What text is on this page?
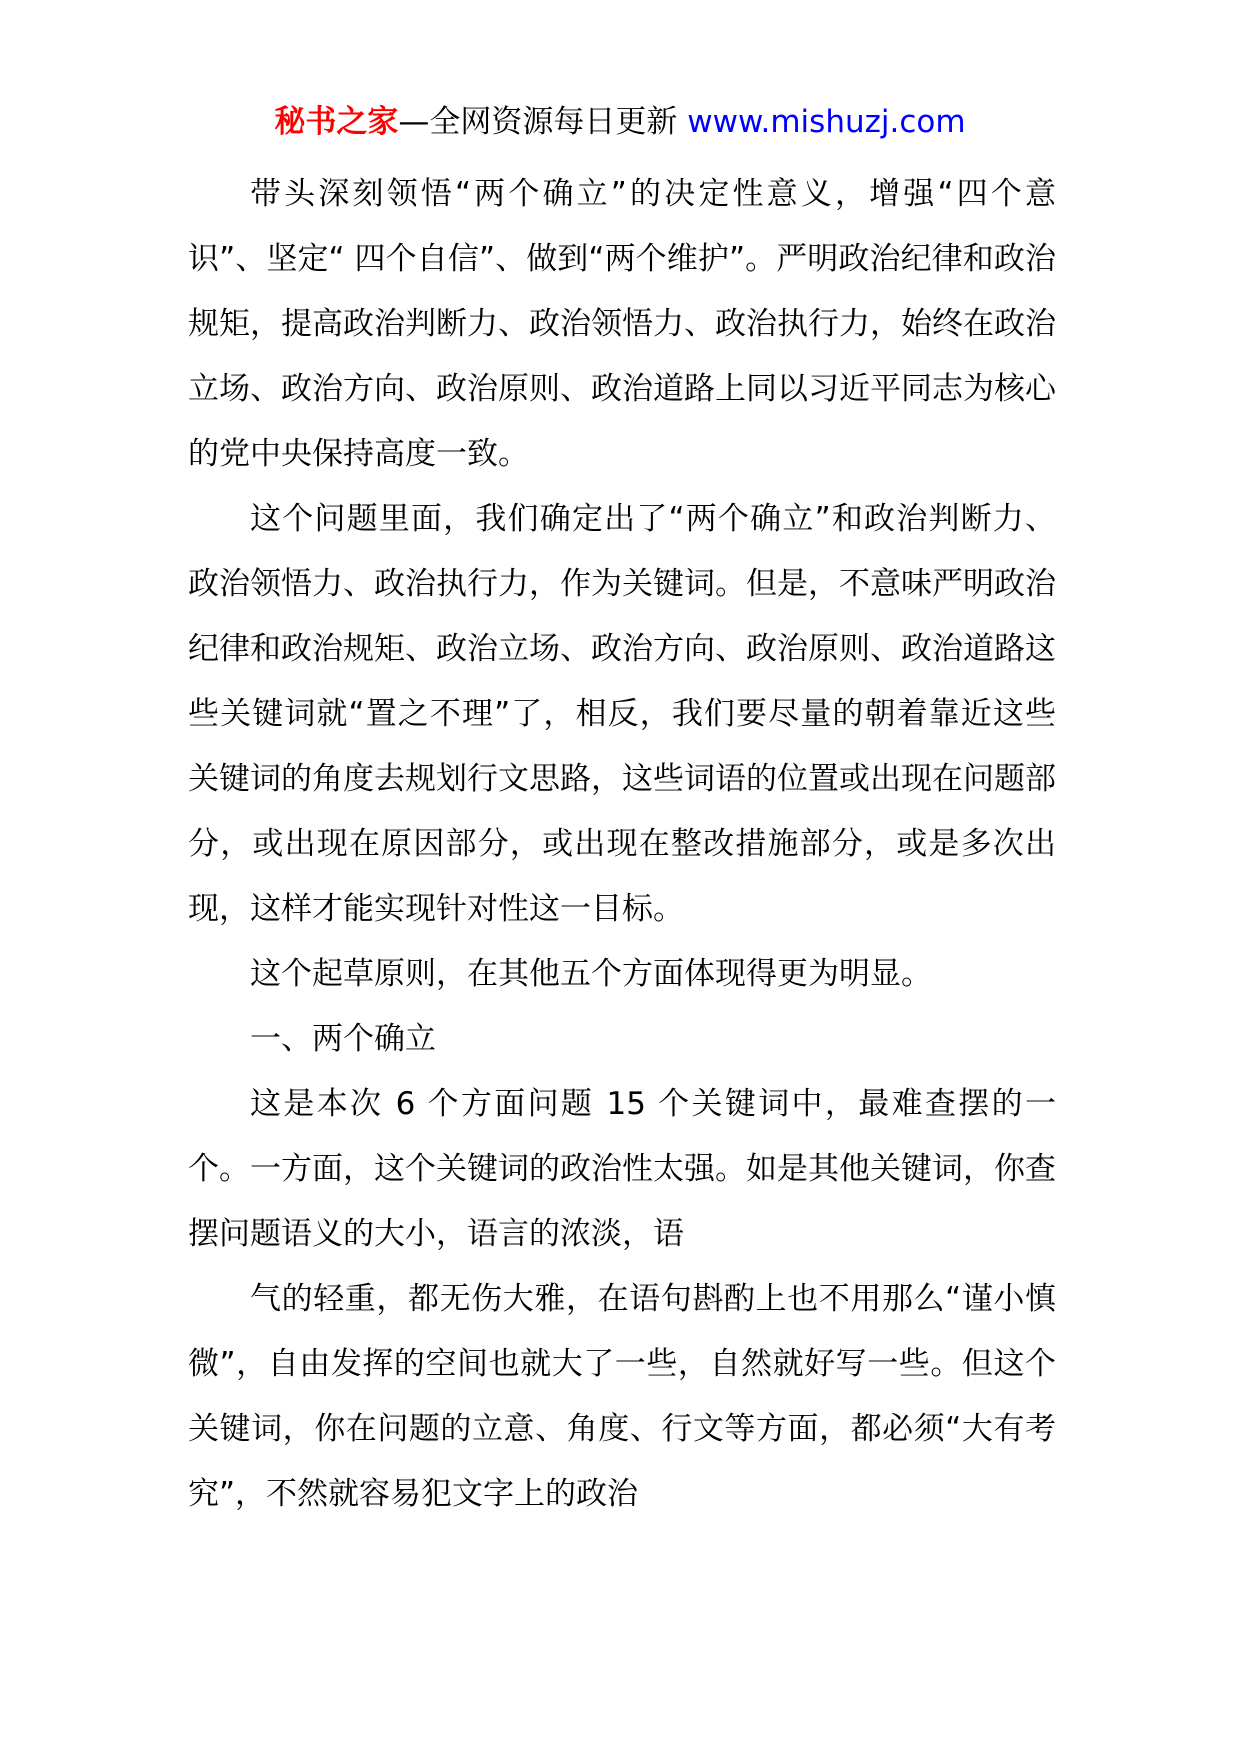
秘书之家—全网资源每日更新 www.mishuzj.com

带头深刻领悟“两个确立”的决定性意义，增强“四个意识”、坚定“ 四个自信”、做到“两个维护”。严明政治纪律和政治规矩，提高政治判断力、政治领悟力、政治执行力，始终在政治立场、政治方向、政治原则、政治道路上同以习近平同志为核心的党中央保持高度一致。

这个问题里面，我们确定出了“两个确立”和政治判断力、政治领悟力、政治执行力，作为关键词。但是，不意味严明政治纪律和政治规矩、政治立场、政治方向、政治原则、政治道路这些关键词就“置之不理”了，相反，我们要尽量的朝着靠近这些关键词的角度去规划行文思路，这些词语的位置或出现在问题部分，或出现在原因部分，或出现在整改措施部分，或是多次出现，这样才能实现针对性这一目标。

这个起草原则，在其他五个方面体现得更为明显。

一、两个确立

这是本次 6 个方面问题 15 个关键词中，最难查摆的一个。一方面，这个关键词的政治性太强。如是其他关键词，你查摆问题语义的大小，语言的浓淡，语

气的轻重，都无伤大雅，在语句斟酌上也不用那么“谨小慎微”，自由发挥的空间也就大了一些，自然就好写一些。但这个关键词，你在问题的立意、角度、行文等方面，都必须“大有考究”，不然就容易犯文字上的政治
